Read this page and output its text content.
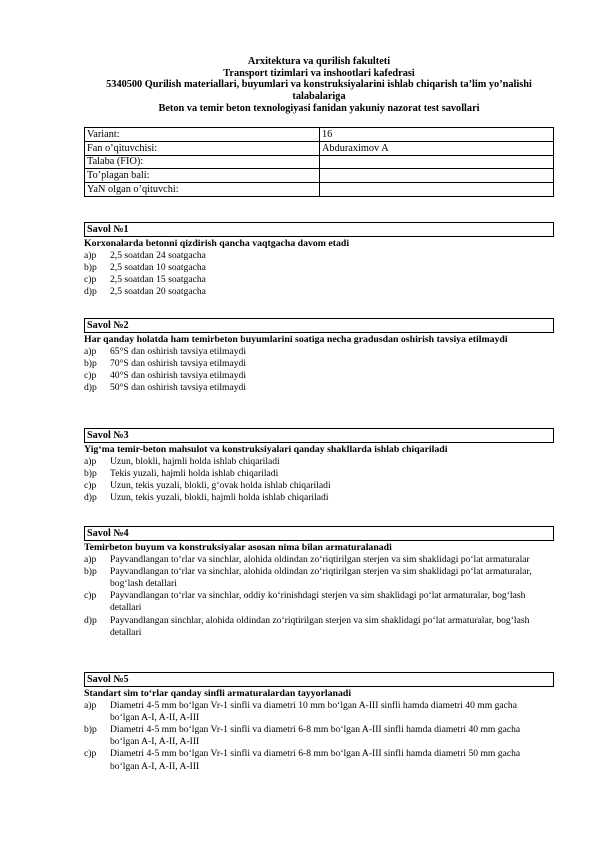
Arxitektura va qurilish fakulteti
Transport tizimlari va inshootlari kafedrasi
5340500 Qurilish materiallari, buyumlari va konstruksiyalarini ishlab chiqarish ta’lim yo’nalishi talabalariga
Beton va temir beton texnologiyasi fanidan yakuniy nazorat test savollari
Variant:	16
Fan o’qituvchisi:	Abduraximov A
Talaba (FIO):	
To’plagan bali:	
YaN olgan o’qituvchi:	
Savol №1
Korxonalarda betonni qizdirish qancha vaqtgacha davom etadi
a)p	2,5 soatdan 24 soatgacha
b)p	2,5 soatdan 10 soatgacha
c)p	2,5 soatdan 15 soatgacha
d)p	2,5 soatdan 20 soatgacha
Savol №2
Har qanday holatda ham temirbeton buyumlarini soatiga necha gradusdan oshirish tavsiya etilmaydi
a)p	65°S dan oshirish tavsiya etilmaydi
b)p	70°S dan oshirish tavsiya etilmaydi
c)p	40°S dan oshirish tavsiya etilmaydi
d)p	50°S dan oshirish tavsiya etilmaydi
Savol №3
Yig‘ma temir-beton mahsulot va konstruksiyalari qanday shakllarda ishlab chiqariladi
a)p	Uzun, blokli, hajmli holda ishlab chiqariladi
b)p	Tekis yuzali, hajmli holda ishlab chiqariladi
c)p	Uzun, tekis yuzali, blokli, g‘ovak holda ishlab chiqariladi
d)p	Uzun, tekis yuzali, blokli, hajmli holda ishlab chiqariladi
Savol №4
Temirbeton buyum va konstruksiyalar asosan nima bilan armaturalanadi
a)p	Payvandlangan to‘rlar va sinchlar, alohida oldindan zo‘riqtirilgan sterjen va sim shaklidagi po‘lat armaturalar
b)p	Payvandlangan to‘rlar va sinchlar, alohida oldindan zo‘riqtirilgan sterjen va sim shaklidagi po‘lat armaturalar, bog‘lash detallari
c)p	Payvandlangan to‘rlar va sinchlar, oddiy ko‘rinishdagi sterjen va sim shaklidagi po‘lat armaturalar, bog‘lash detallari
d)p	Payvandlangan sinchlar, alohida oldindan zo‘riqtirilgan sterjen va sim shaklidagi po‘lat armaturalar, bog‘lash detallari
Savol №5
Standart sim to‘rlar qanday sinfli armaturalardan tayyorlanadi
a)p	Diametri 4-5 mm bo‘lgan Vr-1 sinfli va diametri 10 mm bo‘lgan A-III sinfli hamda diametri 40 mm gacha bo‘lgan A-I, A-II, A-III
b)p	Diametri 4-5 mm bo‘lgan Vr-1 sinfli va diametri 6-8 mm bo‘lgan A-III sinfli hamda diametri 40 mm gacha bo‘lgan A-I, A-II, A-III
c)p	Diametri 4-5 mm bo‘lgan Vr-1 sinfli va diametri 6-8 mm bo‘lgan A-III sinfli hamda diametri 50 mm gacha bo‘lgan A-I, A-II, A-III
